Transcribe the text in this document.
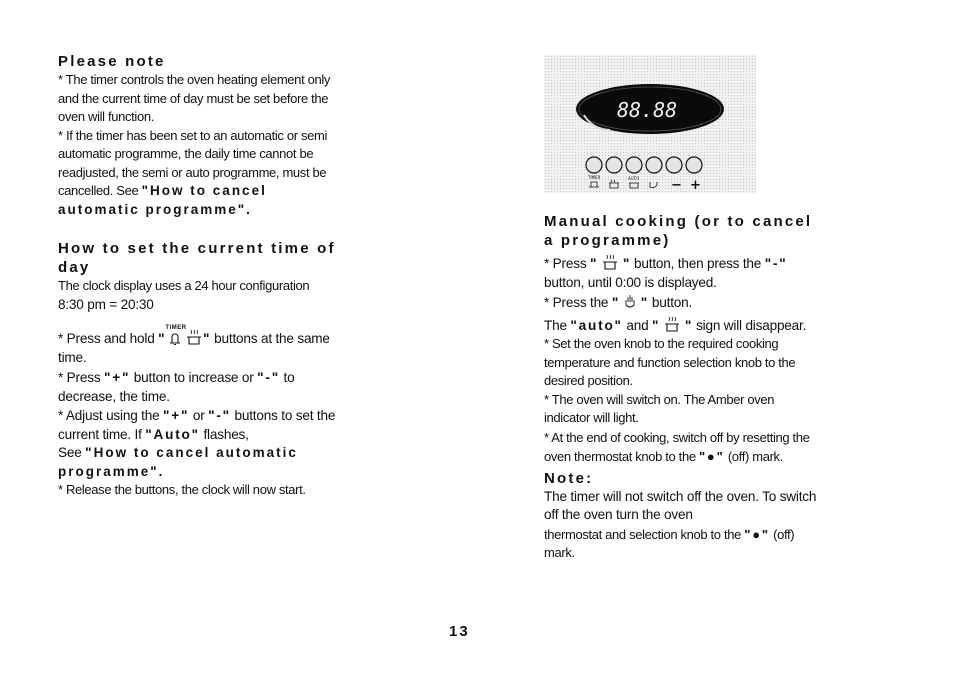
Please note

* The timer controls the oven heating element only and the current time of day must be set before the oven will function.

* If the timer has been set to an automatic or semi automatic programme, the daily time cannot be readjusted, the semi or auto programme, must be cancelled. See "How to cancel automatic programme".

How to set the current time of day

The clock display uses a 24 hour configuration

8:30 pm = 20:30

* Press and hold "
TIMER
" buttons at the same time.

* Press "+" button to increase or "-" to decrease, the time.

* Adjust using the "+" or "-" buttons to set the current time. If "Auto" flashes,

See "How to cancel automatic programme".

* Release the buttons, the clock will now start.

88.88
TIMER	AUTO − +
Manual cooking (or to cancel a programme)

* Press " " button, then press the "-" button, until 0:00 is displayed.

* Press the " " button.

The "auto" and " " sign will disappear.

* Set the oven knob to the required cooking temperature and function selection knob to the desired position.

* The oven will switch on. The Amber oven indicator will light.

* At the end of cooking, switch off by resetting the oven thermostat knob to the "●" (off) mark.

Note:

The timer will not switch off the oven. To switch off the oven turn the oven

thermostat and selection knob to the "●" (off) mark.

13
